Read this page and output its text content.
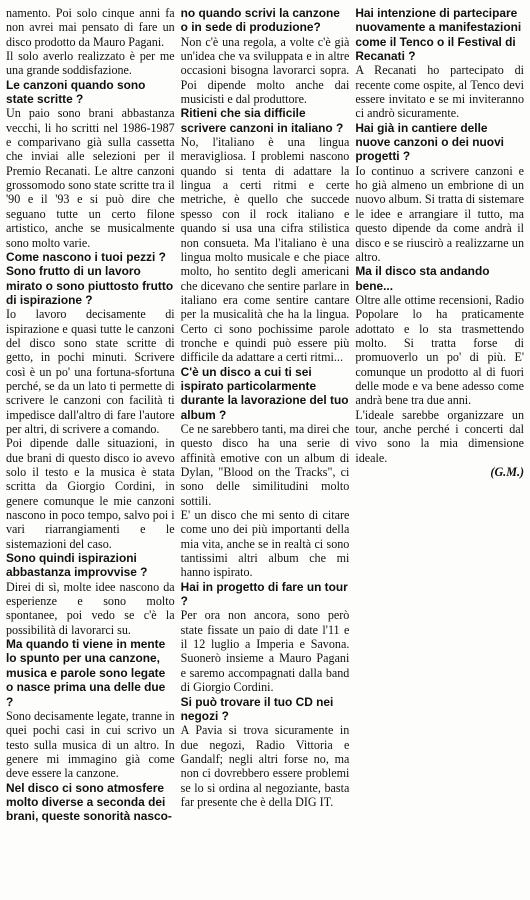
namento. Poi solo cinque anni fa non avrei mai pensato di fare un disco prodotto da Mauro Pagani.

Il solo averlo realizzato è per me una grande soddisfazione.

Le canzoni quando sono state scritte ?

Un paio sono brani abbastanza vecchi, li ho scritti nel 1986-1987 e comparivano già sulla cassetta che inviai alle selezioni per il Premio Recanati. Le altre canzoni grossomodo sono state scritte tra il '90 e il '93 e si può dire che seguano tutte un certo filone artistico, anche se musicalmente sono molto varie.

Come nascono i tuoi pezzi ? Sono frutto di un lavoro mirato o sono piuttosto frutto di ispirazione ?

Io lavoro decisamente di ispirazione e quasi tutte le canzoni del disco sono state scritte di getto, in pochi minuti. Scrivere così è un po' una fortuna-sfortuna perché, se da un lato ti permette di scrivere le canzoni con facilità ti impedisce dall'altro di fare l'autore per altri, di scrivere a comando.

Poi dipende dalle situazioni, in due brani di questo disco io avevo solo il testo e la musica è stata scritta da Giorgio Cordini, in genere comunque le mie canzoni nascono in poco tempo, salvo poi i vari riarrangiamenti e le sistemazioni del caso.

Sono quindi ispirazioni abbastanza improvvise ?

Direi di sì, molte idee nascono da esperienze e sono molto spontanee, poi vedo se c'è la possibilità di lavorarci su.

Ma quando ti viene in mente lo spunto per una canzone, musica e parole sono legate o nasce prima una delle due ?

Sono decisamente legate, tranne in quei pochi casi in cui scrivo un testo sulla musica di un altro. In genere mi immagino già come deve essere la canzone.

Nel disco ci sono atmosfere molto diverse a seconda dei brani, queste sonorità nasco-
no quando scrivi la canzone o in sede di produzione?

Non c'è una regola, a volte c'è già un'idea che va sviluppata e in altre occasioni bisogna lavorarci sopra. Poi dipende molto anche dai musicisti e dal produttore.

Ritieni che sia difficile scrivere canzoni in italiano ?

No, l'italiano è una lingua meravigliosa. I problemi nascono quando si tenta di adattare la lingua a certi ritmi e certe metriche, è quello che succede spesso con il rock italiano e quando si usa una cifra stilistica non consueta. Ma l'italiano è una lingua molto musicale e che piace molto, ho sentito degli americani che dicevano che sentire parlare in italiano era come sentire cantare per la musicalità che ha la lingua. Certo ci sono pochissime parole tronche e quindi può essere più difficile da adattare a certi ritmi...

C'è un disco a cui ti sei ispirato particolarmente durante la lavorazione del tuo album ?

Ce ne sarebbero tanti, ma direi che questo disco ha una serie di affinità emotive con un album di Dylan, "Blood on the Tracks", ci sono delle similitudini molto sottili.

E' un disco che mi sento di citare come uno dei più importanti della mia vita, anche se in realtà ci sono tantissimi altri album che mi hanno ispirato.

Hai in progetto di fare un tour ?

Per ora non ancora, sono però state fissate un paio di date l'11 e il 12 luglio a Imperia e Savona. Suonerò insieme a Mauro Pagani e saremo accompagnati dalla band di Giorgio Cordini.

Si può trovare il tuo CD nei negozi ?

A Pavia si trova sicuramente in due negozi, Radio Vittoria e Gandalf; negli altri forse no, ma non ci dovrebbero essere problemi se lo si ordina al negoziante, basta far presente che è della DIG IT.

Hai intenzione di partecipare nuovamente a manifestazioni come il Tenco o il Festival di Recanati ?

A Recanati ho partecipato di recente come ospite, al Tenco devi essere invitato e se mi inviteranno ci andrò sicuramente.

Hai già in cantiere delle nuove canzoni o dei nuovi progetti ?

Io continuo a scrivere canzoni e ho già almeno un embrione di un nuovo album. Si tratta di sistemare le idee e arrangiare il tutto, ma questo dipende da come andrà il disco e se riuscirò a realizzarne un altro.

Ma il disco sta andando bene...

Oltre alle ottime recensioni, Radio Popolare lo ha praticamente adottato e lo sta trasmettendo molto. Si tratta forse di promuoverlo un po' di più. E' comunque un prodotto al di fuori delle mode e va bene adesso come andrà bene tra due anni.

L'ideale sarebbe organizzare un tour, anche perché i concerti dal vivo sono la mia dimensione ideale.

(G.M.)
